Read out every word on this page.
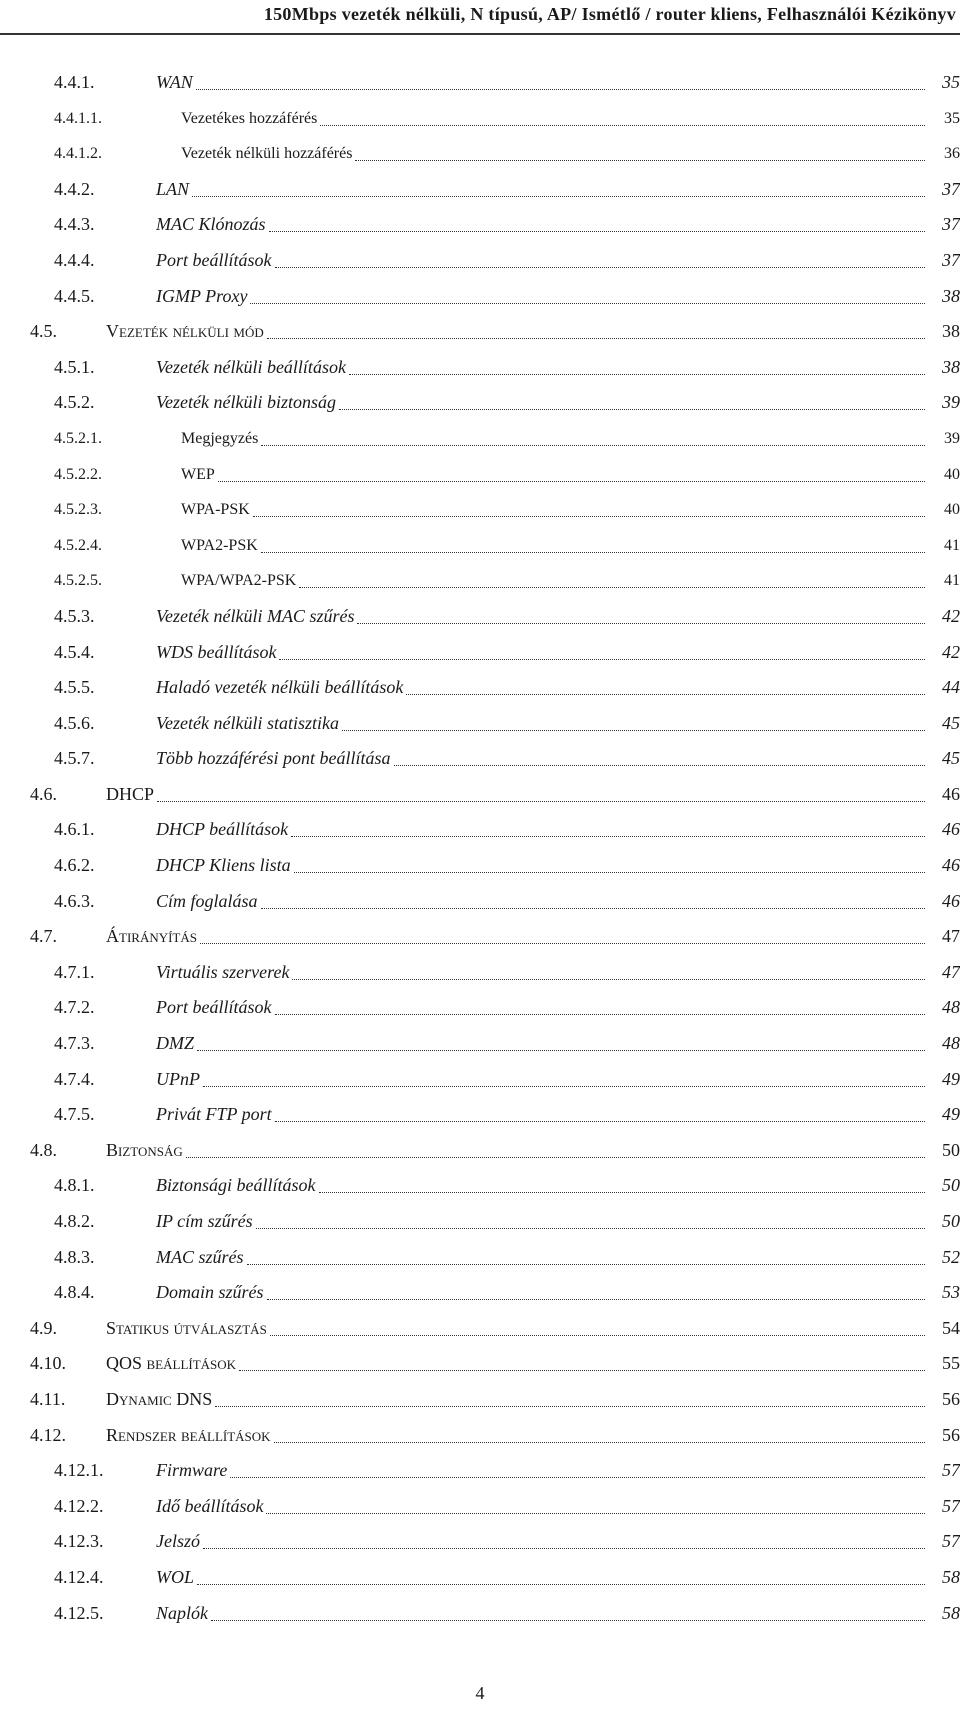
150Mbps vezeték nélküli, N típusú, AP/ Ismétlő / router kliens, Felhasználói Kézikönyv
4.4.1.	WAN	35
4.4.1.1.	Vezetékes hozzáférés	35
4.4.1.2.	Vezeték nélküli hozzáférés	36
4.4.2.	LAN	37
4.4.3.	MAC Klónozás	37
4.4.4.	Port beállítások	37
4.4.5.	IGMP Proxy	38
4.5.	Vezeték nélküli mód	38
4.5.1.	Vezeték nélküli beállítások	38
4.5.2.	Vezeték nélküli biztonság	39
4.5.2.1.	Megjegyzés	39
4.5.2.2.	WEP	40
4.5.2.3.	WPA-PSK	40
4.5.2.4.	WPA2-PSK	41
4.5.2.5.	WPA/WPA2-PSK	41
4.5.3.	Vezeték nélküli MAC szűrés	42
4.5.4.	WDS beállítások	42
4.5.5.	Haladó vezeték nélküli beállítások	44
4.5.6.	Vezeték nélküli statisztika	45
4.5.7.	Több hozzáférési pont beállítása	45
4.6.	DHCP	46
4.6.1.	DHCP beállítások	46
4.6.2.	DHCP Kliens lista	46
4.6.3.	Cím foglalása	46
4.7.	Átirányítás	47
4.7.1.	Virtuális szerverek	47
4.7.2.	Port beállítások	48
4.7.3.	DMZ	48
4.7.4.	UPnP	49
4.7.5.	Privát FTP port	49
4.8.	Biztonság	50
4.8.1.	Biztonsági beállítások	50
4.8.2.	IP cím szűrés	50
4.8.3.	MAC szűrés	52
4.8.4.	Domain szűrés	53
4.9.	Statikus útválasztás	54
4.10. QOS beállítások	55
4.11. Dynamic DNS	56
4.12. Rendszer beállítások	56
4.12.1.	Firmware	57
4.12.2.	Idő beállítások	57
4.12.3.	Jelszó	57
4.12.4.	WOL	58
4.12.5.	Naplók	58
4
